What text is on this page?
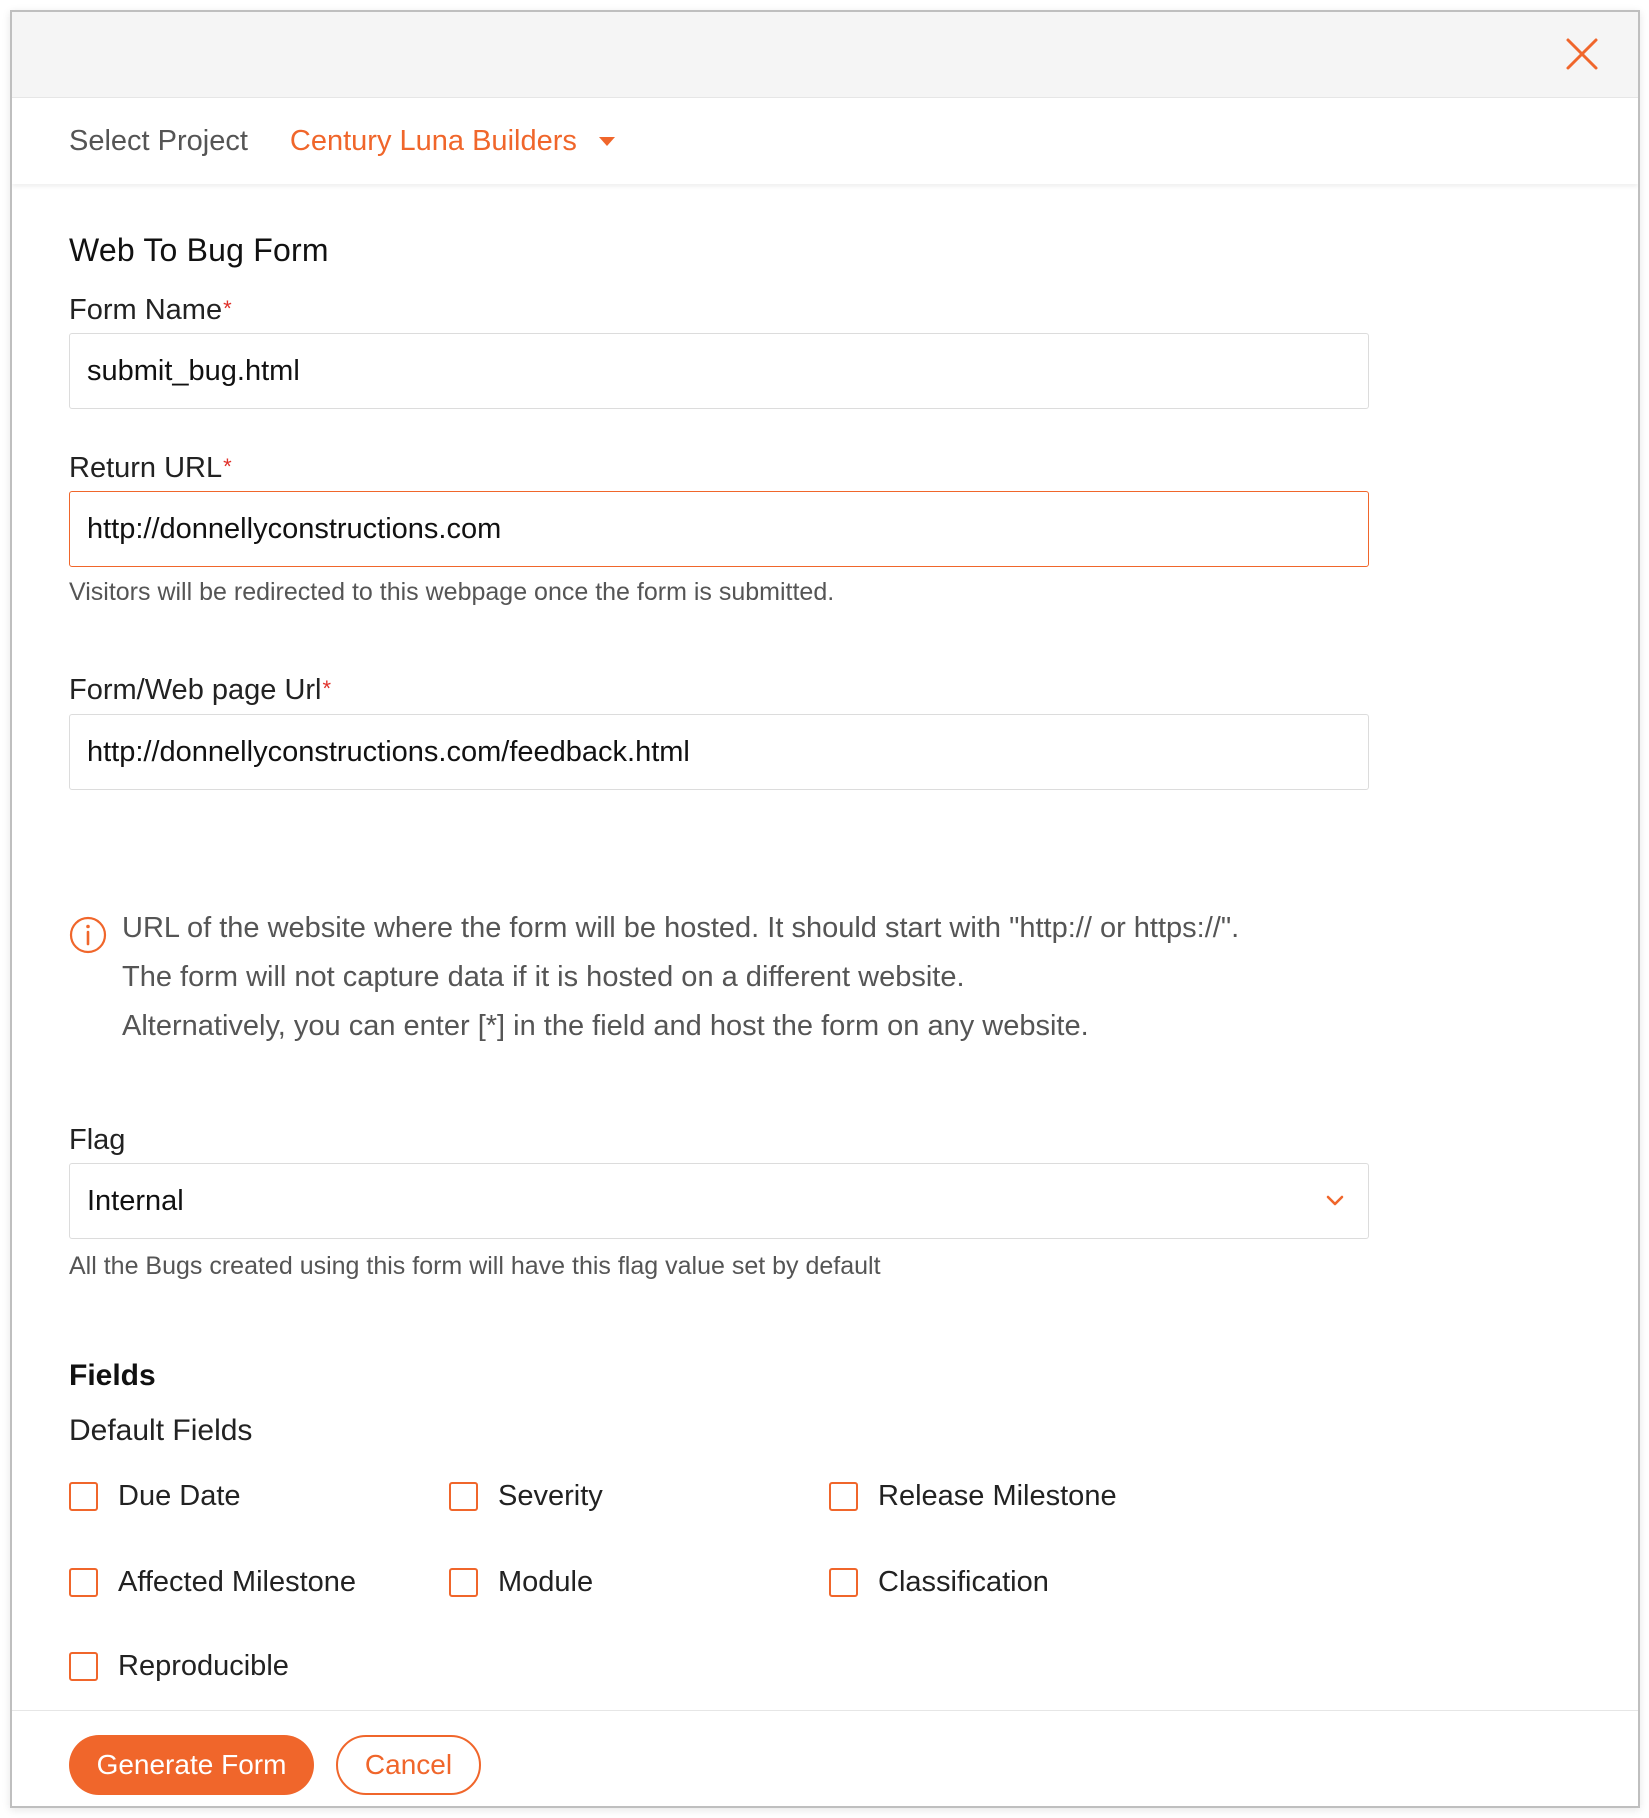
Select Project Century Luna Builders
Web To Bug Form
Form Name*
submit_bug.html
Return URL*
http://donnellyconstructions.com
Visitors will be redirected to this webpage once the form is submitted.
Form/Web page Url*
http://donnellyconstructions.com/feedback.html
URL of the website where the form will be hosted. It should start with "http:// or https://".
The form will not capture data if it is hosted on a different website.
Alternatively, you can enter [*] in the field and host the form on any website.
Flag
Internal
All the Bugs created using this form will have this flag value set by default
Fields
Default Fields
Due Date	Severity	Release Milestone
Affected Milestone	Module	Classification
Reproducible
Generate Form	Cancel
